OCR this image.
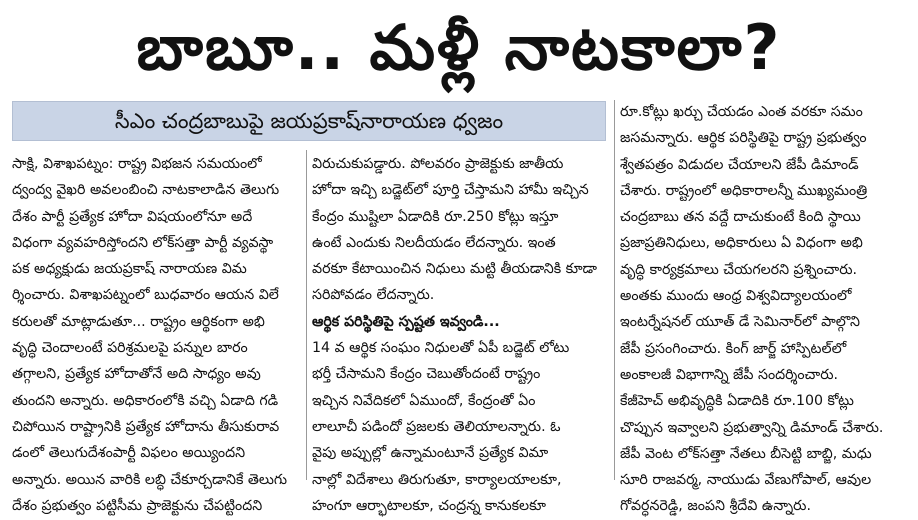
బాబూ.. మళ్లీ నాటకాలా?
సీఎం చంద్రబాబుపై జయప్రకాష్‌నారాయణ ధ్వజం
సాక్షి, విశాఖపట్నం: రాష్ట్ర విభజన సమయంలో
ద్వంద్వ వైఖరి అవలంబించి నాటకాలాడిన తెలుగు
దేశం పార్టీ ప్రత్యేక హోదా విషయంలోనూ అదే
విధంగా వ్యవహరిస్తోందని లోక్‌సత్తా పార్టీ వ్యవస్థా
పక అధ్యక్షుడు జయప్రకాష్ నారాయణ విమ
ర్శించారు. విశాఖపట్నంలో బుధవారం ఆయన విలే
కరులతో మాట్లాడుతూ... రాష్ట్రం ఆర్థికంగా అభి
వృద్ధి చెందాలంటే పరిశ్రమలపై పన్నుల బారం
తగ్గాలని, ప్రత్యేక హోదాతోనే అది సాధ్యం అవు
తుందని అన్నారు. అధికారంలోకి వచ్చి ఏడాది గడి
చిపోయిన రాష్ట్రానికి ప్రత్యేక హోదాను తీసుకురావ
డంలో తెలుగుదేశంపార్టీ విఫలం అయ్యిందని
అన్నారు. అయిన వారికి లబ్ధి చేకూర్చడానికే తెలుగు
దేశం ప్రభుత్వం పట్టిసీమ ప్రాజెక్టును చేపట్టిందని
విరుచుకుపడ్డారు. పోలవరం ప్రాజెక్టుకు జాతీయ
హోదా ఇచ్చి బడ్జెట్‌లో పూర్తి చేస్తామని హామీ ఇచ్చిన
కేంద్రం ముష్టిలా ఏడాదికి రూ.250 కోట్లు ఇస్తూ
ఉంటే ఎందుకు నిలదీయడం లేదన్నారు. ఇంత
వరకూ కేటాయించిన నిధులు మట్టి తీయడానికి కూడా
సరిపోవడం లేదన్నారు.
ఆర్థిక పరిస్థితిపై స్పష్టత ఇవ్వండి...
14 వ ఆర్థిక సంఘం నిధులతో ఏపీ బడ్జెట్ లోటు
భర్తీ చేసామని కేంద్రం చెబుతోందంటే రాష్ట్రం
ఇచ్చిన నివేదికలో ఏముందో, కేంద్రంతో ఏం
లాలూచీ పడిందో ప్రజలకు తెలియాలన్నారు. ఓ
వైపు అప్పుల్లో ఉన్నామంటూనే ప్రత్యేక విమా
నాల్లో విదేశాలు తిరుగుతూ, కార్యాలయాలకూ,
హంగూ ఆర్భాటాలకూ, చంద్రన్న కానుకలకూ
రూ.కోట్లు ఖర్చు చేయడం ఎంత వరకూ సమం
జసమన్నారు. ఆర్థిక పరిస్థితిపై రాష్ట్ర ప్రభుత్వం
శ్వేతపత్రం విడుదల చేయాలని జేపీ డిమాండ్
చేశారు. రాష్ట్రంలో అధికారాలన్నీ ముఖ్యమంత్రి
చంద్రబాబు తన వద్దే దాచుకుంటే కింది స్థాయి
ప్రజాప్రతినిధులు, అధికారులు ఏ విధంగా అభి
వృద్ధి కార్యక్రమాలు చేయగలరని ప్రశ్నించారు.
అంతకు ముందు ఆంధ్ర విశ్వవిద్యాలయంలో
ఇంటర్నేషనల్ యూత్ డే సెమినార్‌లో పాల్గొని
జేపీ ప్రసంగించారు. కింగ్ జార్జ్ హాస్పిటల్‌లో
అంకాలజీ విభాగాన్ని జేపీ సందర్శించారు.
కేజీహెచ్ అభివృద్ధికి ఏడాదికి రూ.100 కోట్లు
చొప్పున ఇవ్వాలని ప్రభుత్వాన్ని డిమాండ్ చేశారు.
జేపీ వెంట లోక్‌సత్తా నేతలు బీసెట్టి బాబ్జి, మధు
సూరి రాజవర్మ, నాయుడు వేణుగోపాల్, ఆవుల
గోవర్ధనరెడ్డి, జంపని శ్రీదేవి ఉన్నారు.
